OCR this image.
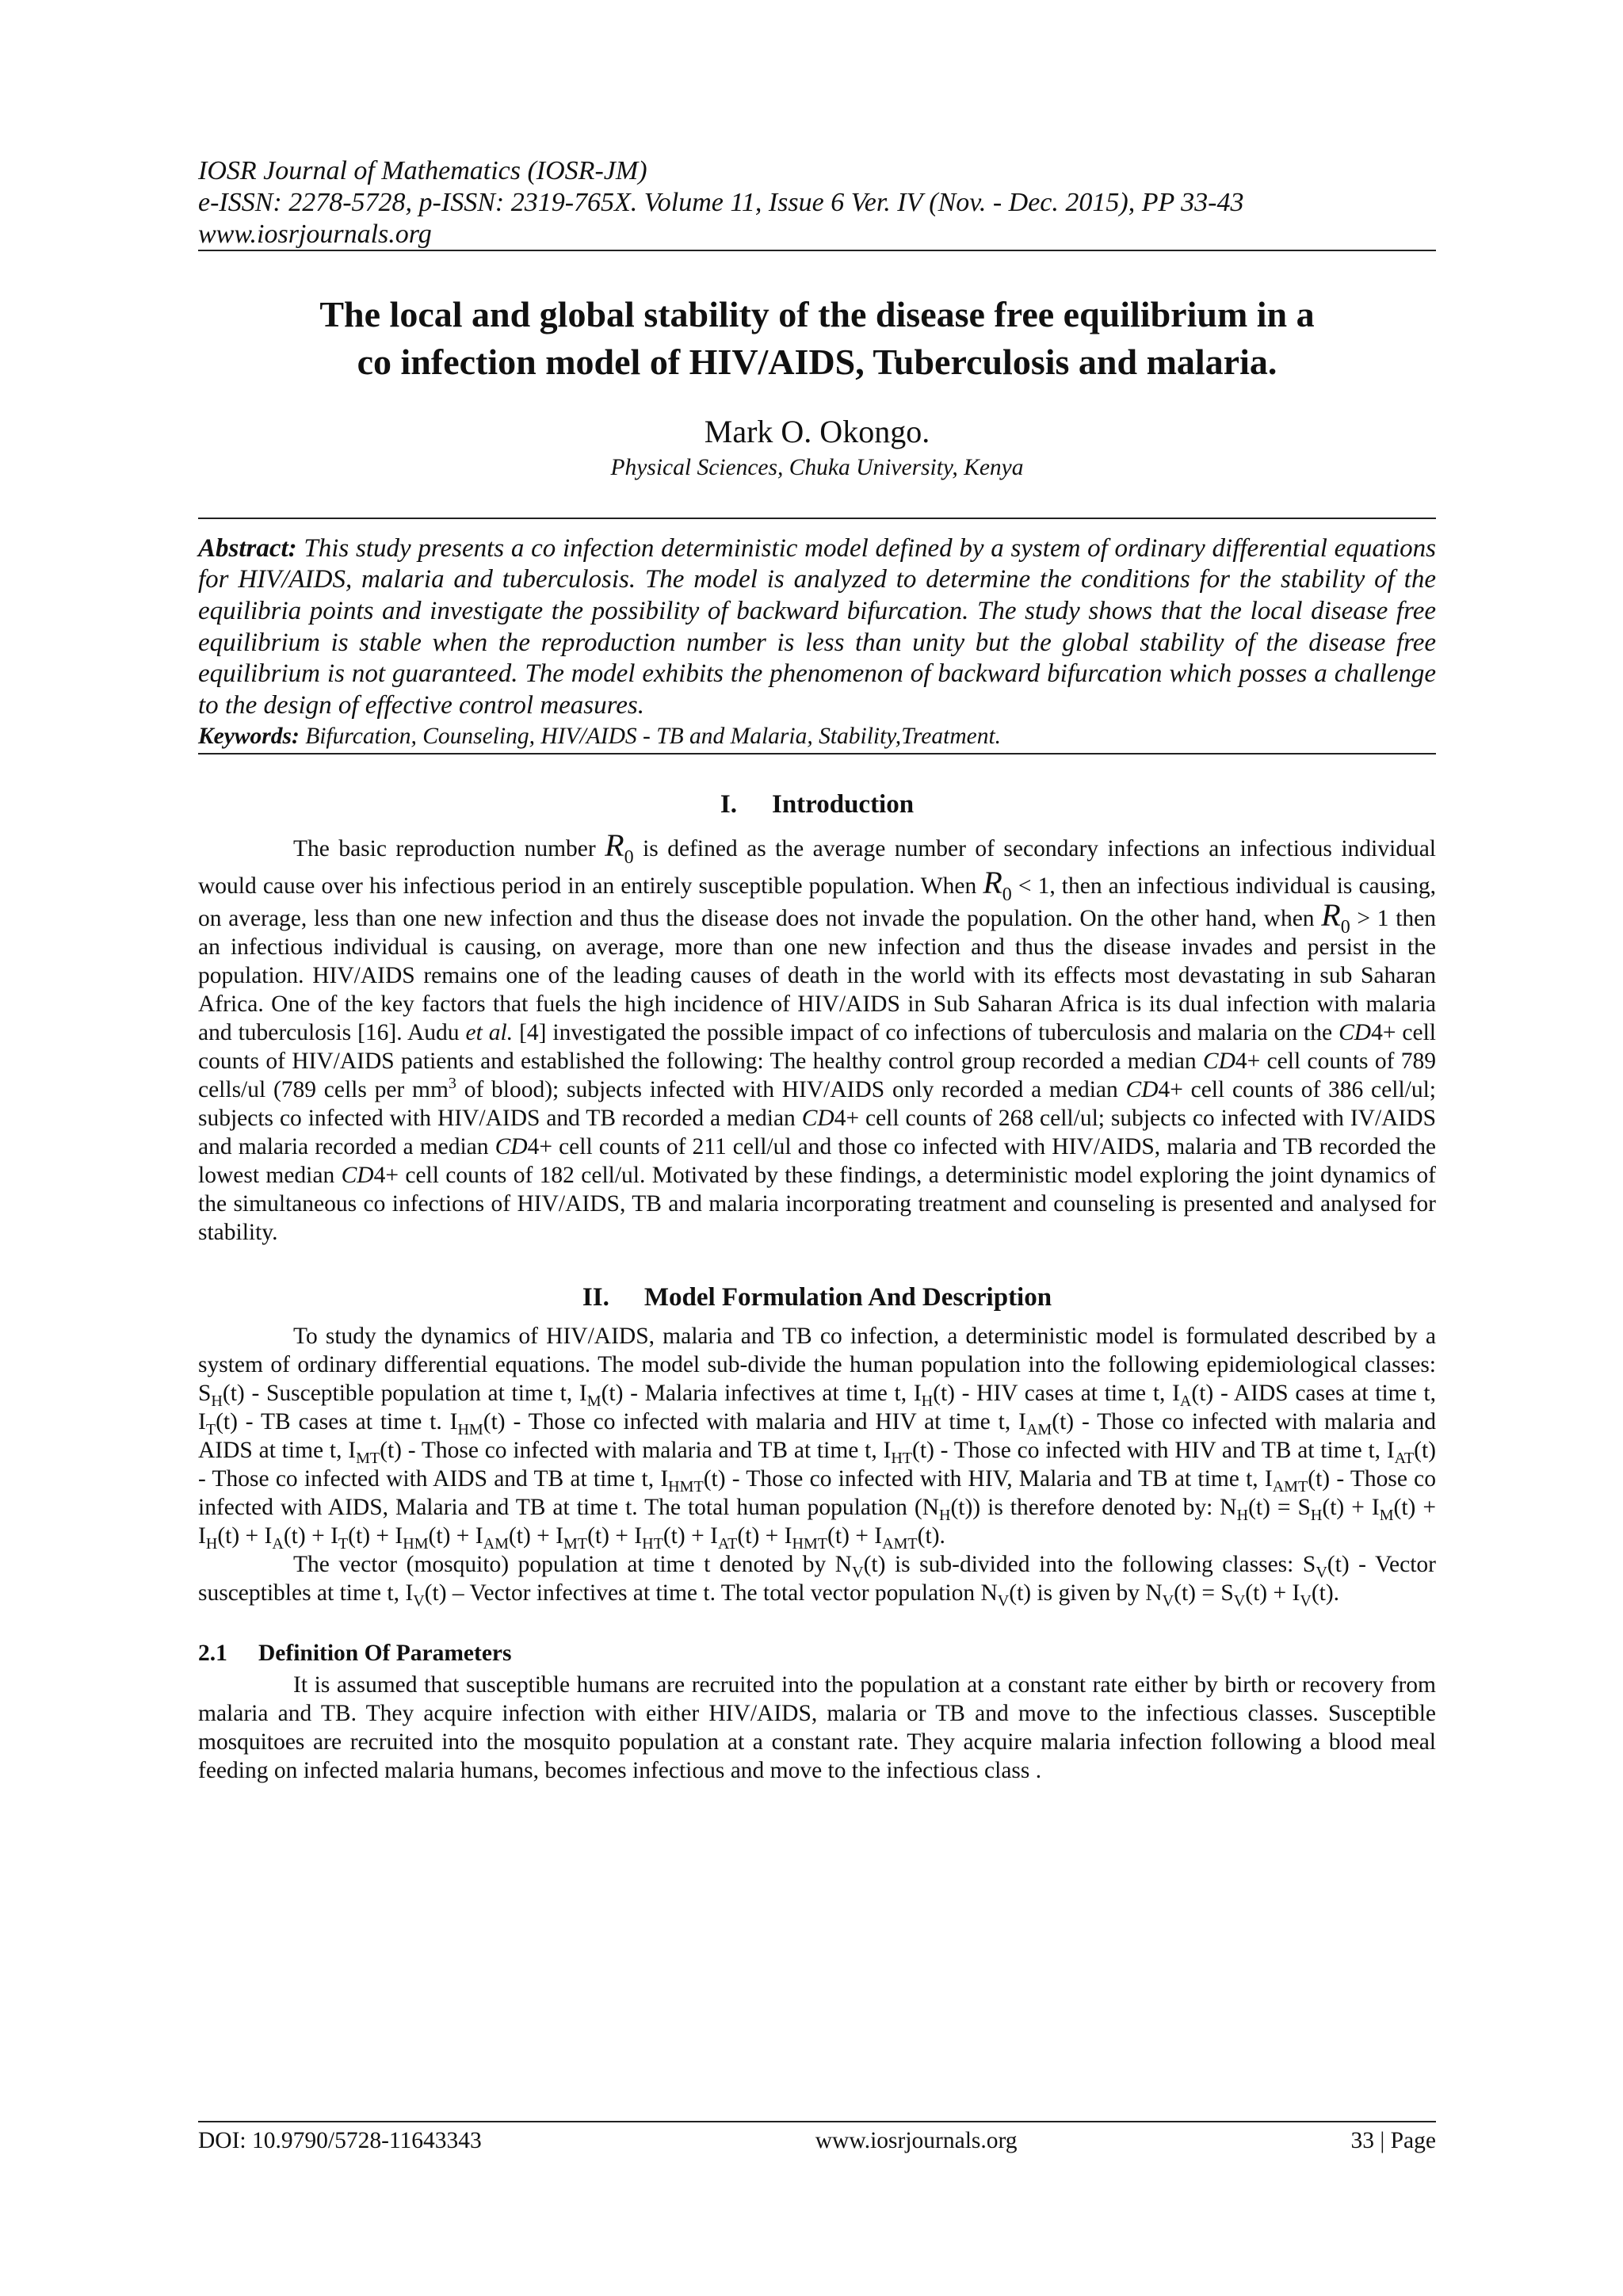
IOSR Journal of Mathematics (IOSR-JM)
e-ISSN: 2278-5728, p-ISSN: 2319-765X. Volume 11, Issue 6 Ver. IV (Nov. - Dec. 2015), PP 33-43
www.iosrjournals.org
The local and global stability of the disease free equilibrium in a
co infection model of HIV/AIDS, Tuberculosis and malaria.
Mark O. Okongo.
Physical Sciences, Chuka University, Kenya
Abstract: This study presents a co infection deterministic model defined by a system of ordinary differential equations for HIV/AIDS, malaria and tuberculosis. The model is analyzed to determine the conditions for the stability of the equilibria points and investigate the possibility of backward bifurcation. The study shows that the local disease free equilibrium is stable when the reproduction number is less than unity but the global stability of the disease free equilibrium is not guaranteed. The model exhibits the phenomenon of backward bifurcation which posses a challenge to the design of effective control measures.
Keywords: Bifurcation, Counseling, HIV/AIDS - TB and Malaria, Stability,Treatment.
I. Introduction

The basic reproduction number $R_0$ is defined as the average number of secondary infections an infectious individual would cause over his infectious period in an entirely susceptible population. When $R_0 < 1$, then an infectious individual is causing, on average, less than one new infection and thus the disease does not invade the population. On the other hand, when $R_0 > 1$ then an infectious individual is causing, on average, more than one new infection and thus the disease invades and persist in the population. HIV/AIDS remains one of the leading causes of death in the world with its effects most devastating in sub Saharan Africa. One of the key factors that fuels the high incidence of HIV/AIDS in Sub Saharan Africa is its dual infection with malaria and tuberculosis [16]. Audu et al. [4] investigated the possible impact of co infections of tuberculosis and malaria on the CD4+ cell counts of HIV/AIDS patients and established the following: The healthy control group recorded a median CD4+ cell counts of 789 cells/ul (789 cells per $mm^3$ of blood); subjects infected with HIV/AIDS only recorded a median CD4+ cell counts of 386 cell/ul; subjects co infected with HIV/AIDS and TB recorded a median CD4+ cell counts of 268 cell/ul; subjects co infected with IV/AIDS and malaria recorded a median CD4+ cell counts of 211 cell/ul and those co infected with HIV/AIDS, malaria and TB recorded the lowest median CD4+ cell counts of 182 cell/ul. Motivated by these findings, a deterministic model exploring the joint dynamics of the simultaneous co infections of HIV/AIDS, TB and malaria incorporating treatment and counseling is presented and analysed for stability.

II. Model Formulation And Description

To study the dynamics of HIV/AIDS, malaria and TB co infection, a deterministic model is formulated described by a system of ordinary differential equations. The model sub-divide the human population into the following epidemiological classes: $S_H(t)$ - Susceptible population at time t, $I_M(t)$ - Malaria infectives at time t, $I_H(t)$ - HIV cases at time t, $I_A(t)$ - AIDS cases at time t, $I_T(t)$ - TB cases at time t. $I_{HM}(t)$ - Those co infected with malaria and HIV at time t, $I_{AM}(t)$ - Those co infected with malaria and AIDS at time t, $I_{MT}(t)$ - Those co infected with malaria and TB at time t, $I_{HT}(t)$ - Those co infected with HIV and TB at time t, $I_{AT}(t)$ - Those co infected with AIDS and TB at time t, $I_{HMT}(t)$ - Those co infected with HIV, Malaria and TB at time t, $I_{AMT}(t)$ - Those co infected with AIDS, Malaria and TB at time t. The total human population $(N_H(t))$ is therefore denoted by: $N_H(t) = S_H(t) + I_M(t) + I_H(t) + I_A(t) + I_T(t) + I_{HM}(t) + I_{AM}(t) + I_{MT}(t) + I_{HT}(t) + I_{AT}(t) + I_{HMT}(t) + I_{AMT}(t)$.

The vector (mosquito) population at time t denoted by $N_V(t)$ is sub-divided into the following classes: $S_V(t)$ - Vector susceptibles at time t, $I_V(t)$ – Vector infectives at time t. The total vector population $N_V(t)$ is given by $N_V(t) = S_V(t) + I_V(t)$.

2.1 Definition Of Parameters

It is assumed that susceptible humans are recruited into the population at a constant rate either by birth or recovery from malaria and TB. They acquire infection with either HIV/AIDS, malaria or TB and move to the infectious classes. Susceptible mosquitoes are recruited into the mosquito population at a constant rate. They acquire malaria infection following a blood meal feeding on infected malaria humans, becomes infectious and move to the infectious class .

DOI: 10.9790/5728-11643343	www.iosrjournals.org	33 | Page
